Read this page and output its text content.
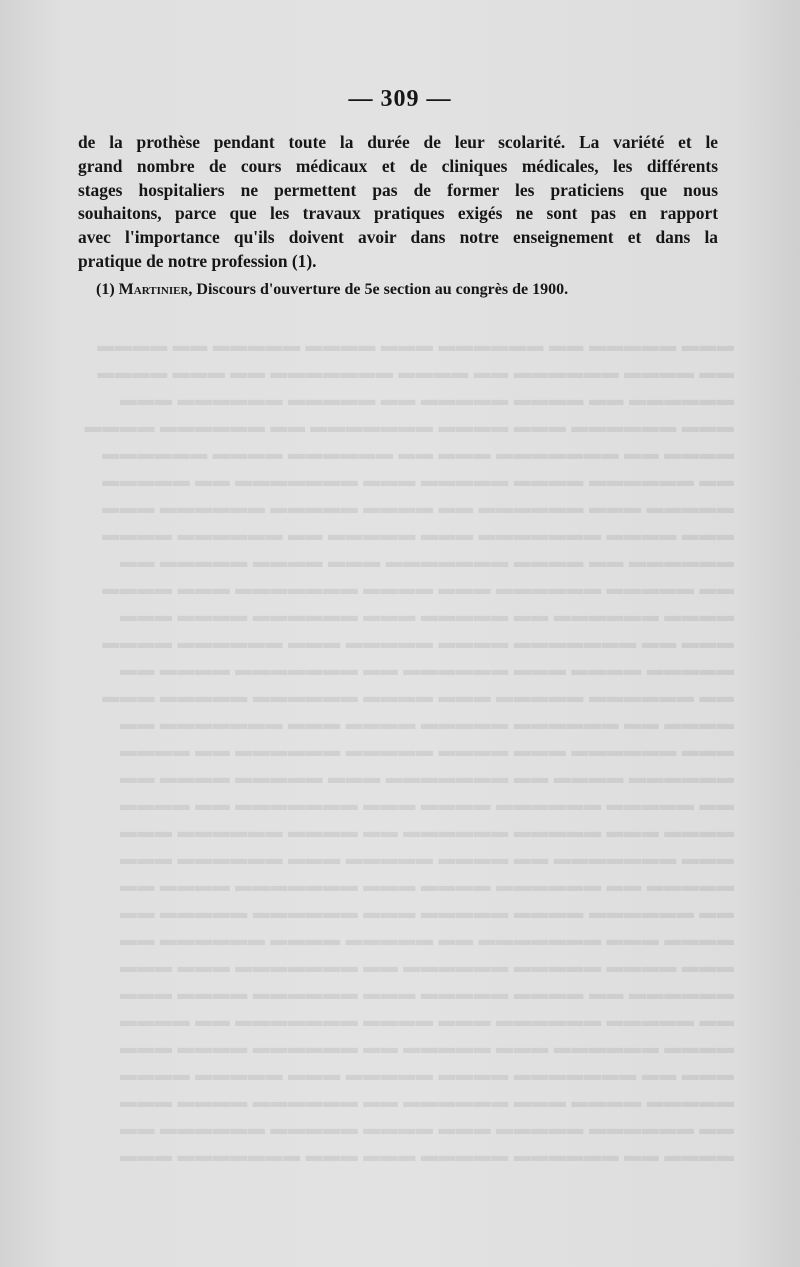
— 309 —
de la prothèse pendant toute la durée de leur scolarité. La variété et le
grand nombre de cours médicaux et de cliniques médicales, les différents
stages hospitaliers ne permettent pas de former les praticiens que nous
souhaitons, parce que les travaux pratiques exigés ne sont pas en rapport
avec l'importance qu'ils doivent avoir dans notre enseignement et dans la
pratique de notre profession (1).
(1) Martinier, Discours d'ouverture de 5e section au congrès de 1900.
▬▬▬ ▬▬▬▬▬ ▬▬ ▬▬▬▬▬▬ ▬▬▬ ▬▬▬▬ ▬▬▬▬▬ ▬▬ ▬▬▬▬
▬▬ ▬▬▬▬ ▬▬▬▬▬▬ ▬▬ ▬▬▬▬ ▬▬▬▬▬▬▬ ▬▬ ▬▬▬ ▬▬▬▬
▬▬▬▬▬▬ ▬▬ ▬▬▬▬ ▬▬▬▬▬ ▬▬ ▬▬▬▬▬ ▬▬▬▬▬▬ ▬▬▬
▬▬▬ ▬▬▬▬▬▬ ▬▬▬ ▬▬▬▬ ▬▬▬▬▬▬▬ ▬▬ ▬▬▬▬▬▬ ▬▬▬▬
▬▬▬▬ ▬▬ ▬▬▬▬▬▬▬ ▬▬▬ ▬▬ ▬▬▬▬▬▬ ▬▬▬▬ ▬▬▬▬▬▬
▬▬ ▬▬▬▬▬▬ ▬▬▬▬ ▬▬▬▬▬ ▬▬▬ ▬▬▬▬▬▬▬ ▬▬ ▬▬▬▬▬
▬▬▬▬▬ ▬▬▬ ▬▬▬▬▬▬ ▬▬ ▬▬▬▬ ▬▬▬▬▬ ▬▬▬▬▬▬ ▬▬▬
▬▬▬ ▬▬▬▬ ▬▬▬▬▬▬▬ ▬▬▬ ▬▬▬▬▬ ▬▬ ▬▬▬▬▬▬ ▬▬▬▬
▬▬▬▬▬▬ ▬▬ ▬▬▬▬ ▬▬▬▬▬▬▬ ▬▬▬ ▬▬▬▬ ▬▬▬▬▬ ▬▬
▬▬ ▬▬▬▬▬ ▬▬▬▬▬▬ ▬▬▬ ▬▬▬▬ ▬▬▬▬▬▬▬ ▬▬▬ ▬▬▬▬
▬▬▬▬ ▬▬▬▬▬▬ ▬▬ ▬▬▬▬▬ ▬▬▬ ▬▬▬▬▬▬ ▬▬▬▬ ▬▬▬
▬▬▬ ▬▬ ▬▬▬▬▬▬▬ ▬▬▬▬ ▬▬▬▬▬ ▬▬▬ ▬▬▬▬▬▬ ▬▬▬▬
▬▬▬▬▬ ▬▬▬▬ ▬▬▬ ▬▬▬▬▬▬ ▬▬ ▬▬▬▬▬▬▬ ▬▬▬▬ ▬▬
▬▬ ▬▬▬▬▬▬ ▬▬▬▬▬ ▬▬▬ ▬▬▬▬ ▬▬▬▬▬▬ ▬▬▬▬▬ ▬▬▬
▬▬▬▬ ▬▬ ▬▬▬▬▬▬ ▬▬▬▬▬ ▬▬▬▬ ▬▬▬ ▬▬▬▬▬▬▬ ▬▬
▬▬▬ ▬▬▬▬▬▬ ▬▬▬ ▬▬▬▬ ▬▬▬▬▬ ▬▬▬▬▬▬ ▬▬ ▬▬▬▬
▬▬▬▬▬▬ ▬▬▬▬ ▬▬ ▬▬▬▬▬▬▬ ▬▬▬ ▬▬▬▬▬ ▬▬▬▬ ▬▬
▬▬ ▬▬▬▬▬ ▬▬▬▬▬▬ ▬▬▬▬ ▬▬▬ ▬▬▬▬▬▬▬ ▬▬ ▬▬▬▬
▬▬▬▬ ▬▬▬ ▬▬▬▬▬ ▬▬▬▬▬▬ ▬▬ ▬▬▬▬ ▬▬▬▬▬▬ ▬▬▬
▬▬▬ ▬▬▬▬▬▬▬ ▬▬ ▬▬▬▬ ▬▬▬▬▬ ▬▬▬ ▬▬▬▬▬▬ ▬▬▬
▬▬▬▬▬ ▬▬ ▬▬▬▬▬▬ ▬▬▬▬ ▬▬▬ ▬▬▬▬▬▬▬ ▬▬▬▬ ▬▬
▬▬ ▬▬▬▬▬▬ ▬▬▬▬ ▬▬▬▬▬ ▬▬▬ ▬▬▬▬▬▬ ▬▬▬▬▬ ▬▬
▬▬▬▬ ▬▬▬ ▬▬▬▬▬▬▬ ▬▬ ▬▬▬▬▬ ▬▬▬▬ ▬▬▬▬▬▬ ▬▬
▬▬▬ ▬▬▬▬ ▬▬▬▬▬ ▬▬▬▬▬▬ ▬▬ ▬▬▬▬▬▬▬ ▬▬▬ ▬▬▬
▬▬▬▬▬▬ ▬▬ ▬▬▬▬ ▬▬▬▬▬ ▬▬▬ ▬▬▬▬▬▬ ▬▬▬▬ ▬▬▬
▬▬ ▬▬▬▬▬ ▬▬▬▬▬▬ ▬▬▬ ▬▬▬▬ ▬▬▬▬▬▬▬ ▬▬ ▬▬▬▬
▬▬▬▬ ▬▬▬▬▬▬ ▬▬▬ ▬▬▬▬▬ ▬▬ ▬▬▬▬▬▬ ▬▬▬▬ ▬▬▬
▬▬▬ ▬▬ ▬▬▬▬▬▬▬ ▬▬▬▬ ▬▬▬▬▬ ▬▬▬ ▬▬▬▬▬ ▬▬▬▬
▬▬▬▬▬ ▬▬▬▬ ▬▬▬ ▬▬▬▬▬▬ ▬▬ ▬▬▬▬▬▬ ▬▬▬▬ ▬▬▬
▬▬ ▬▬▬▬▬▬ ▬▬▬▬▬ ▬▬▬ ▬▬▬▬ ▬▬▬▬▬ ▬▬▬▬▬▬ ▬▬
▬▬▬▬ ▬▬ ▬▬▬▬▬▬ ▬▬▬▬▬ ▬▬▬ ▬▬▬ ▬▬▬▬▬▬▬ ▬▬▬
